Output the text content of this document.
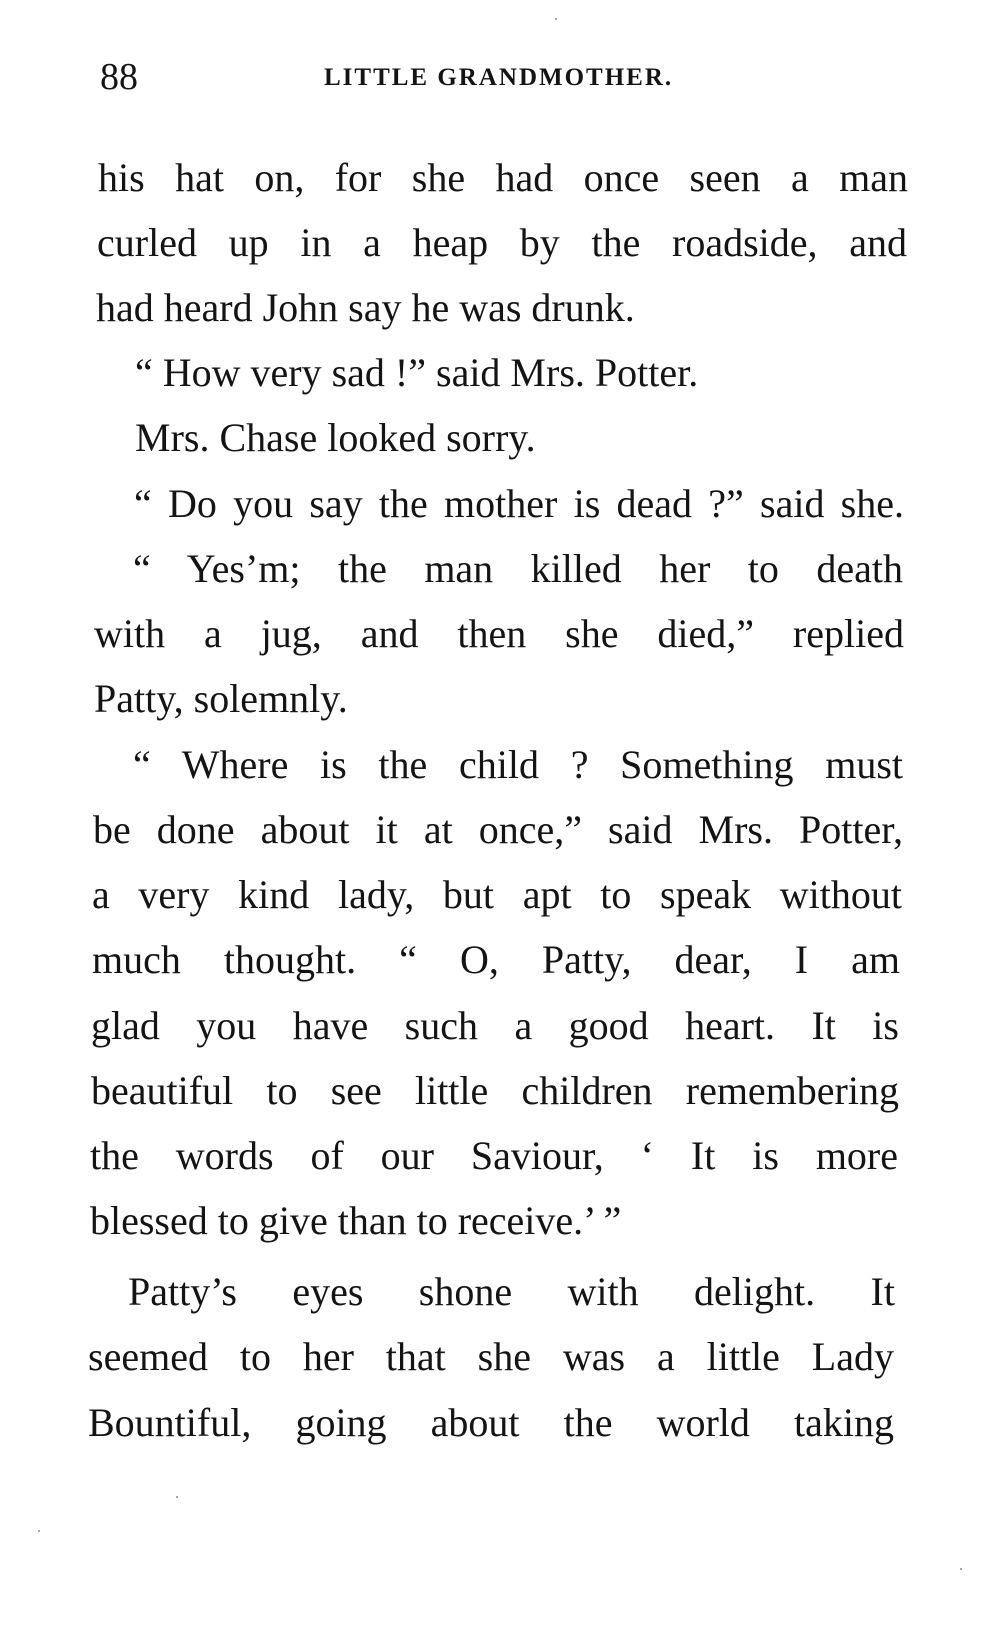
88	LITTLE GRANDMOTHER.
his hat on, for she had once seen a man
curled up in a heap by the roadside, and
had heard John say he was drunk.
“ How very sad !” said Mrs. Potter.
Mrs. Chase looked sorry.
“ Do you say the mother is dead ?” said she.
“ Yes’m; the man killed her to death
with a jug, and then she died,” replied
Patty, solemnly.
“ Where is the child ? Something must
be done about it at once,” said Mrs. Potter,
a very kind lady, but apt to speak without
much thought. “ O, Patty, dear, I am
glad you have such a good heart. It is
beautiful to see little children remembering
the words of our Saviour, ‘ It is more
blessed to give than to receive.’ ”
Patty’s eyes shone with delight. It
seemed to her that she was a little Lady
Bountiful, going about the world taking
